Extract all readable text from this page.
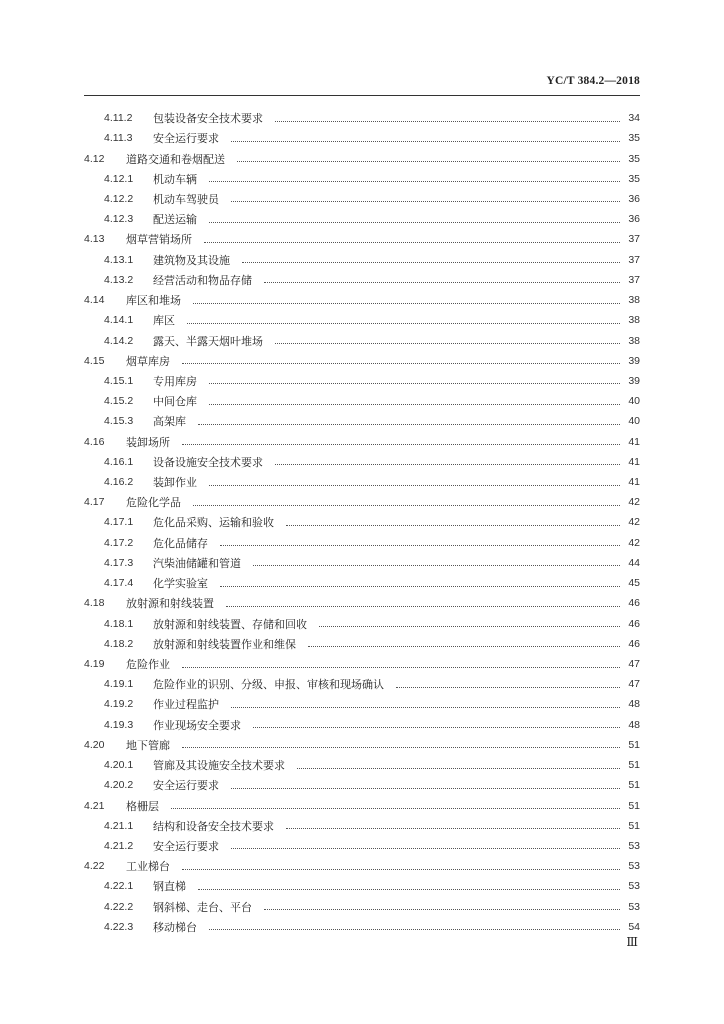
YC/T 384.2—2018
4.11.2	包装设备安全技术要求	34
4.11.3	安全运行要求	35
4.12	道路交通和卷烟配送	35
4.12.1	机动车辆	35
4.12.2	机动车驾驶员	36
4.12.3	配送运输	36
4.13	烟草营销场所	37
4.13.1	建筑物及其设施	37
4.13.2	经营活动和物品存储	37
4.14	库区和堆场	38
4.14.1	库区	38
4.14.2	露天、半露天烟叶堆场	38
4.15	烟草库房	39
4.15.1	专用库房	39
4.15.2	中间仓库	40
4.15.3	高架库	40
4.16	装卸场所	41
4.16.1	设备设施安全技术要求	41
4.16.2	装卸作业	41
4.17	危险化学品	42
4.17.1	危化品采购、运输和验收	42
4.17.2	危化品储存	42
4.17.3	汽柴油储罐和管道	44
4.17.4	化学实验室	45
4.18	放射源和射线装置	46
4.18.1	放射源和射线装置、存储和回收	46
4.18.2	放射源和射线装置作业和维保	46
4.19	危险作业	47
4.19.1	危险作业的识别、分级、申报、审核和现场确认	47
4.19.2	作业过程监护	48
4.19.3	作业现场安全要求	48
4.20	地下管廊	51
4.20.1	管廊及其设施安全技术要求	51
4.20.2	安全运行要求	51
4.21	格栅层	51
4.21.1	结构和设备安全技术要求	51
4.21.2	安全运行要求	53
4.22	工业梯台	53
4.22.1	钢直梯	53
4.22.2	钢斜梯、走台、平台	53
4.22.3	移动梯台	54
Ⅲ
